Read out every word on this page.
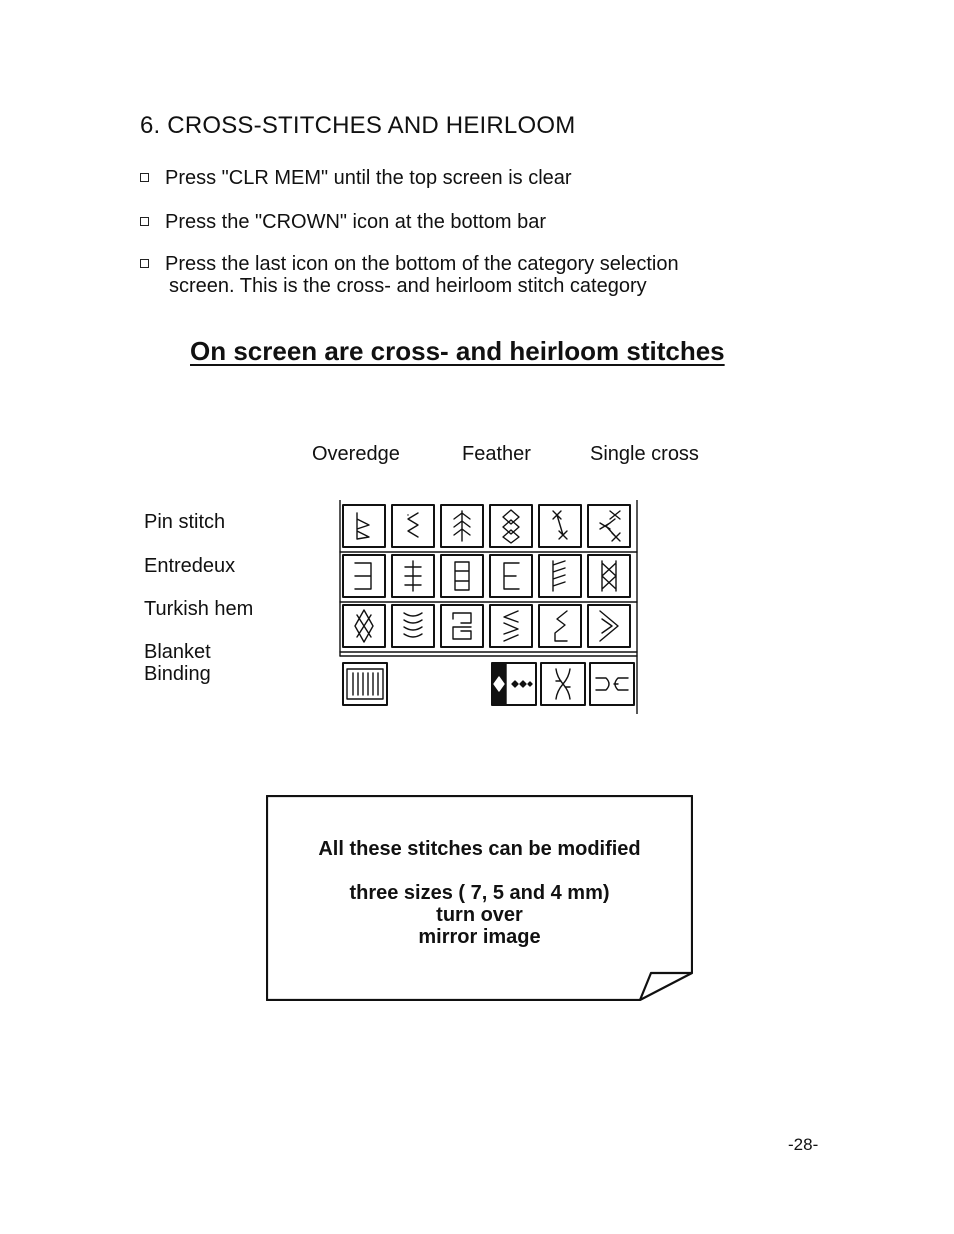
6. CROSS-STITCHES AND HEIRLOOM
Press "CLR MEM" until the top screen is clear
Press the "CROWN" icon at the bottom bar
Press the last icon on the bottom of the category selection
screen. This is the cross- and heirloom stitch category
On screen are cross- and heirloom stitches
Overedge	Feather	Single cross
Pin stitch
Entredeux
Turkish hem
Blanket
Binding
All these stitches can be modified
three sizes ( 7, 5 and 4 mm)
turn over
mirror image
-28-
